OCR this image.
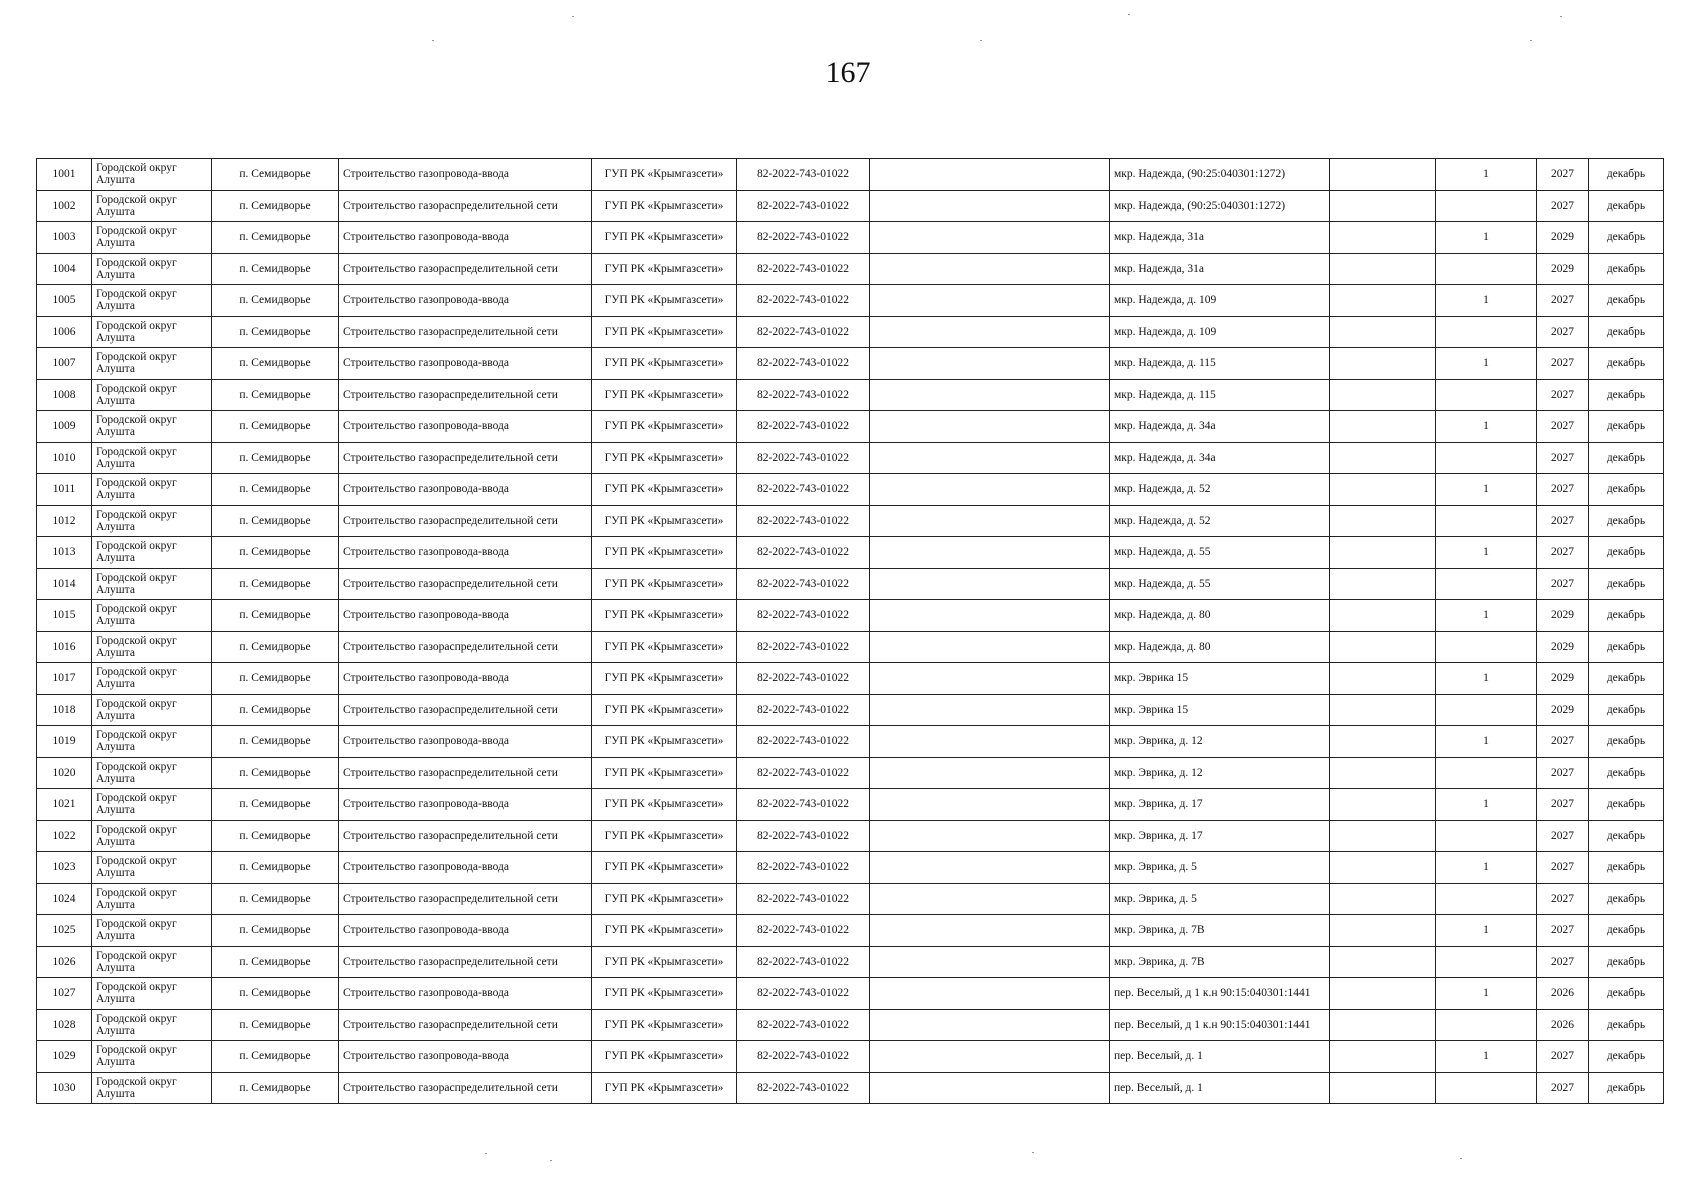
167
1001	Городской округ Алушта	п. Семидворье	Строительство газопровода-ввода	ГУП РК «Крымгазсети»	82-2022-743-01022		мкр. Надежда, (90:25:040301:1272)		1	2027	декабрь
1002	Городской округ Алушта	п. Семидворье	Строительство газораспределительной сети	ГУП РК «Крымгазсети»	82-2022-743-01022		мкр. Надежда, (90:25:040301:1272)			2027	декабрь
1003	Городской округ Алушта	п. Семидворье	Строительство газопровода-ввода	ГУП РК «Крымгазсети»	82-2022-743-01022		мкр. Надежда, 31а		1	2029	декабрь
1004	Городской округ Алушта	п. Семидворье	Строительство газораспределительной сети	ГУП РК «Крымгазсети»	82-2022-743-01022		мкр. Надежда, 31а			2029	декабрь
1005	Городской округ Алушта	п. Семидворье	Строительство газопровода-ввода	ГУП РК «Крымгазсети»	82-2022-743-01022		мкр. Надежда, д. 109		1	2027	декабрь
1006	Городской округ Алушта	п. Семидворье	Строительство газораспределительной сети	ГУП РК «Крымгазсети»	82-2022-743-01022		мкр. Надежда, д. 109			2027	декабрь
1007	Городской округ Алушта	п. Семидворье	Строительство газопровода-ввода	ГУП РК «Крымгазсети»	82-2022-743-01022		мкр. Надежда, д. 115		1	2027	декабрь
1008	Городской округ Алушта	п. Семидворье	Строительство газораспределительной сети	ГУП РК «Крымгазсети»	82-2022-743-01022		мкр. Надежда, д. 115			2027	декабрь
1009	Городской округ Алушта	п. Семидворье	Строительство газопровода-ввода	ГУП РК «Крымгазсети»	82-2022-743-01022		мкр. Надежда, д. 34а		1	2027	декабрь
1010	Городской округ Алушта	п. Семидворье	Строительство газораспределительной сети	ГУП РК «Крымгазсети»	82-2022-743-01022		мкр. Надежда, д. 34а			2027	декабрь
1011	Городской округ Алушта	п. Семидворье	Строительство газопровода-ввода	ГУП РК «Крымгазсети»	82-2022-743-01022		мкр. Надежда, д. 52		1	2027	декабрь
1012	Городской округ Алушта	п. Семидворье	Строительство газораспределительной сети	ГУП РК «Крымгазсети»	82-2022-743-01022		мкр. Надежда, д. 52			2027	декабрь
1013	Городской округ Алушта	п. Семидворье	Строительство газопровода-ввода	ГУП РК «Крымгазсети»	82-2022-743-01022		мкр. Надежда, д. 55		1	2027	декабрь
1014	Городской округ Алушта	п. Семидворье	Строительство газораспределительной сети	ГУП РК «Крымгазсети»	82-2022-743-01022		мкр. Надежда, д. 55			2027	декабрь
1015	Городской округ Алушта	п. Семидворье	Строительство газопровода-ввода	ГУП РК «Крымгазсети»	82-2022-743-01022		мкр. Надежда, д. 80		1	2029	декабрь
1016	Городской округ Алушта	п. Семидворье	Строительство газораспределительной сети	ГУП РК «Крымгазсети»	82-2022-743-01022		мкр. Надежда, д. 80			2029	декабрь
1017	Городской округ Алушта	п. Семидворье	Строительство газопровода-ввода	ГУП РК «Крымгазсети»	82-2022-743-01022		мкр. Эврика 15		1	2029	декабрь
1018	Городской округ Алушта	п. Семидворье	Строительство газораспределительной сети	ГУП РК «Крымгазсети»	82-2022-743-01022		мкр. Эврика 15			2029	декабрь
1019	Городской округ Алушта	п. Семидворье	Строительство газопровода-ввода	ГУП РК «Крымгазсети»	82-2022-743-01022		мкр. Эврика, д. 12		1	2027	декабрь
1020	Городской округ Алушта	п. Семидворье	Строительство газораспределительной сети	ГУП РК «Крымгазсети»	82-2022-743-01022		мкр. Эврика, д. 12			2027	декабрь
1021	Городской округ Алушта	п. Семидворье	Строительство газопровода-ввода	ГУП РК «Крымгазсети»	82-2022-743-01022		мкр. Эврика, д. 17		1	2027	декабрь
1022	Городской округ Алушта	п. Семидворье	Строительство газораспределительной сети	ГУП РК «Крымгазсети»	82-2022-743-01022		мкр. Эврика, д. 17			2027	декабрь
1023	Городской округ Алушта	п. Семидворье	Строительство газопровода-ввода	ГУП РК «Крымгазсети»	82-2022-743-01022		мкр. Эврика, д. 5		1	2027	декабрь
1024	Городской округ Алушта	п. Семидворье	Строительство газораспределительной сети	ГУП РК «Крымгазсети»	82-2022-743-01022		мкр. Эврика, д. 5			2027	декабрь
1025	Городской округ Алушта	п. Семидворье	Строительство газопровода-ввода	ГУП РК «Крымгазсети»	82-2022-743-01022		мкр. Эврика, д. 7В		1	2027	декабрь
1026	Городской округ Алушта	п. Семидворье	Строительство газораспределительной сети	ГУП РК «Крымгазсети»	82-2022-743-01022		мкр. Эврика, д. 7В			2027	декабрь
1027	Городской округ Алушта	п. Семидворье	Строительство газопровода-ввода	ГУП РК «Крымгазсети»	82-2022-743-01022		пер. Веселый, д 1 к.н 90:15:040301:1441		1	2026	декабрь
1028	Городской округ Алушта	п. Семидворье	Строительство газораспределительной сети	ГУП РК «Крымгазсети»	82-2022-743-01022		пер. Веселый, д 1 к.н 90:15:040301:1441			2026	декабрь
1029	Городской округ Алушта	п. Семидворье	Строительство газопровода-ввода	ГУП РК «Крымгазсети»	82-2022-743-01022		пер. Веселый, д. 1		1	2027	декабрь
1030	Городской округ Алушта	п. Семидворье	Строительство газораспределительной сети	ГУП РК «Крымгазсети»	82-2022-743-01022		пер. Веселый, д. 1			2027	декабрь
